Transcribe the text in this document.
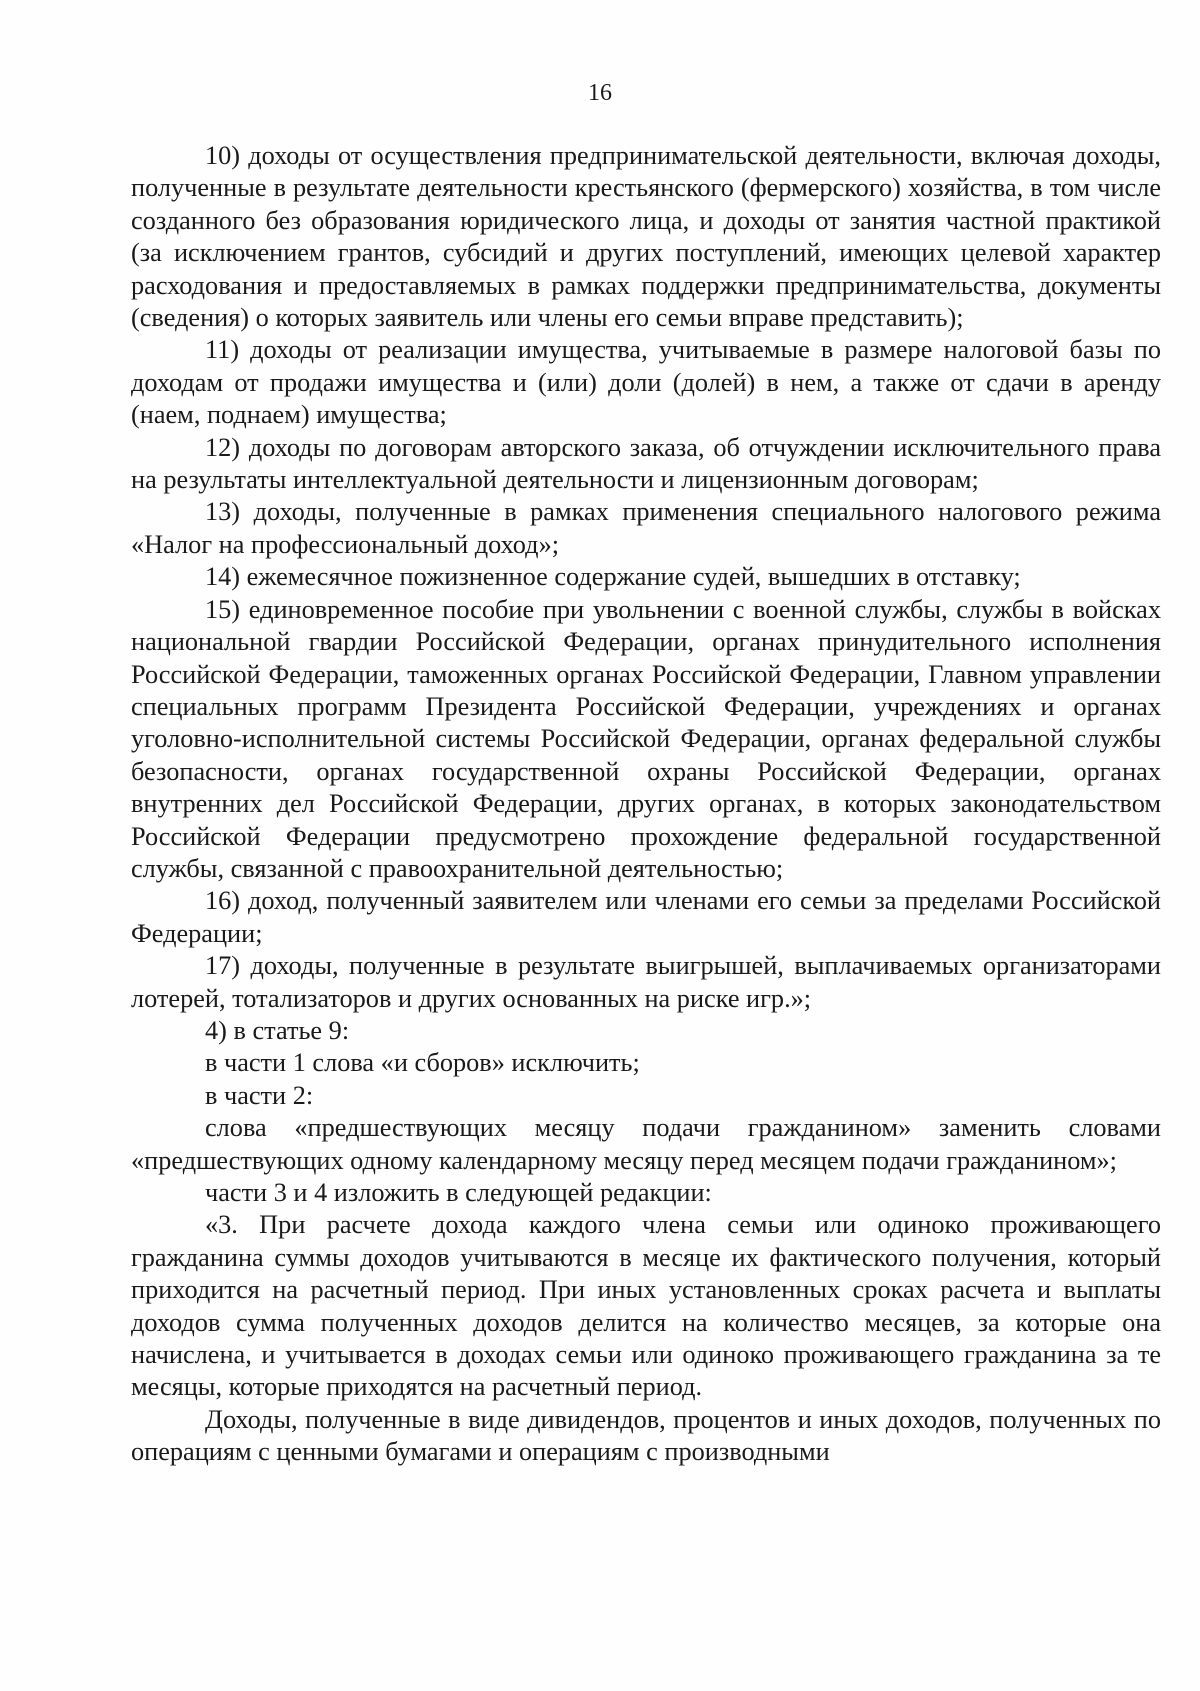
16

10) доходы от осуществления предпринимательской деятельности, включая доходы, полученные в результате деятельности крестьянского (фермерского) хозяйства, в том числе созданного без образования юридического лица, и доходы от занятия частной практикой (за исключением грантов, субсидий и других поступлений, имеющих целевой характер расходования и предоставляемых в рамках поддержки предпринимательства, документы (сведения) о которых заявитель или члены его семьи вправе представить);

11) доходы от реализации имущества, учитываемые в размере налоговой базы по доходам от продажи имущества и (или) доли (долей) в нем, а также от сдачи в аренду (наем, поднаем) имущества;

12) доходы по договорам авторского заказа, об отчуждении исключительного права на результаты интеллектуальной деятельности и лицензионным договорам;

13) доходы, полученные в рамках применения специального налогового режима «Налог на профессиональный доход»;

14) ежемесячное пожизненное содержание судей, вышедших в отставку;

15) единовременное пособие при увольнении с военной службы, службы в войсках национальной гвардии Российской Федерации, органах принудительного исполнения Российской Федерации, таможенных органах Российской Федерации, Главном управлении специальных программ Президента Российской Федерации, учреждениях и органах уголовно-исполнительной системы Российской Федерации, органах федеральной службы безопасности, органах государственной охраны Российской Федерации, органах внутренних дел Российской Федерации, других органах, в которых законодательством Российской Федерации предусмотрено прохождение федеральной государственной службы, связанной с правоохранительной деятельностью;

16) доход, полученный заявителем или членами его семьи за пределами Российской Федерации;

17) доходы, полученные в результате выигрышей, выплачиваемых организаторами лотерей, тотализаторов и других основанных на риске игр.»;

4) в статье 9:

в части 1 слова «и сборов» исключить;

в части 2:

слова «предшествующих месяцу подачи гражданином» заменить словами «предшествующих одному календарному месяцу перед месяцем подачи гражданином»;

части 3 и 4 изложить в следующей редакции:

«3. При расчете дохода каждого члена семьи или одиноко проживающего гражданина суммы доходов учитываются в месяце их фактического получения, который приходится на расчетный период. При иных установленных сроках расчета и выплаты доходов сумма полученных доходов делится на количество месяцев, за которые она начислена, и учитывается в доходах семьи или одиноко проживающего гражданина за те месяцы, которые приходятся на расчетный период.

Доходы, полученные в виде дивидендов, процентов и иных доходов, полученных по операциям с ценными бумагами и операциям с производными
